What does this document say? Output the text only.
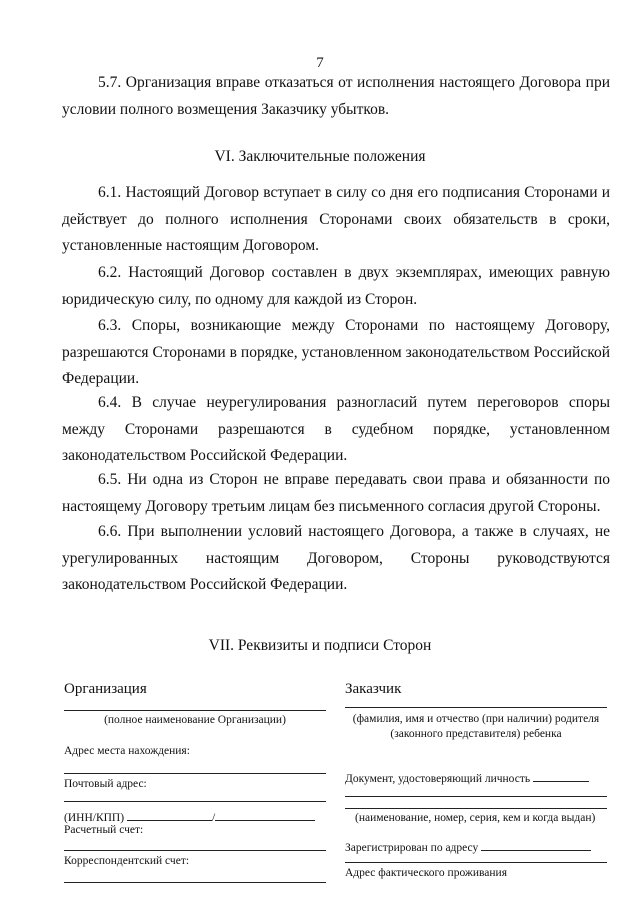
7
5.7. Организация вправе отказаться от исполнения настоящего Договора при условии полного возмещения Заказчику убытков.
VI. Заключительные положения
6.1. Настоящий Договор вступает в силу со дня его подписания Сторонами и действует до полного исполнения Сторонами своих обязательств в сроки, установленные настоящим Договором.
6.2. Настоящий Договор составлен в двух экземплярах, имеющих равную юридическую силу, по одному для каждой из Сторон.
6.3. Споры, возникающие между Сторонами по настоящему Договору, разрешаются Сторонами в порядке, установленном законодательством Российской Федерации.
6.4. В случае неурегулирования разногласий путем переговоров споры между Сторонами разрешаются в судебном порядке, установленном законодательством Российской Федерации.
6.5. Ни одна из Сторон не вправе передавать свои права и обязанности по настоящему Договору третьим лицам без письменного согласия другой Стороны.
6.6. При выполнении условий настоящего Договора, а также в случаях, не урегулированных настоящим Договором, Стороны руководствуются законодательством Российской Федерации.
VII. Реквизиты и подписи Сторон
Организация
(полное наименование Организации)
Адрес места нахождения:
Почтовый адрес:
(ИНН/КПП)	/
Расчетный счет:
Корреспондентский счет:
Заказчик
(фамилия, имя и отчество (при наличии) родителя (законного представителя) ребенка
Документ, удостоверяющий личность
(наименование, номер, серия, кем и когда выдан)
Зарегистрирован по адресу
Адрес фактического проживания
